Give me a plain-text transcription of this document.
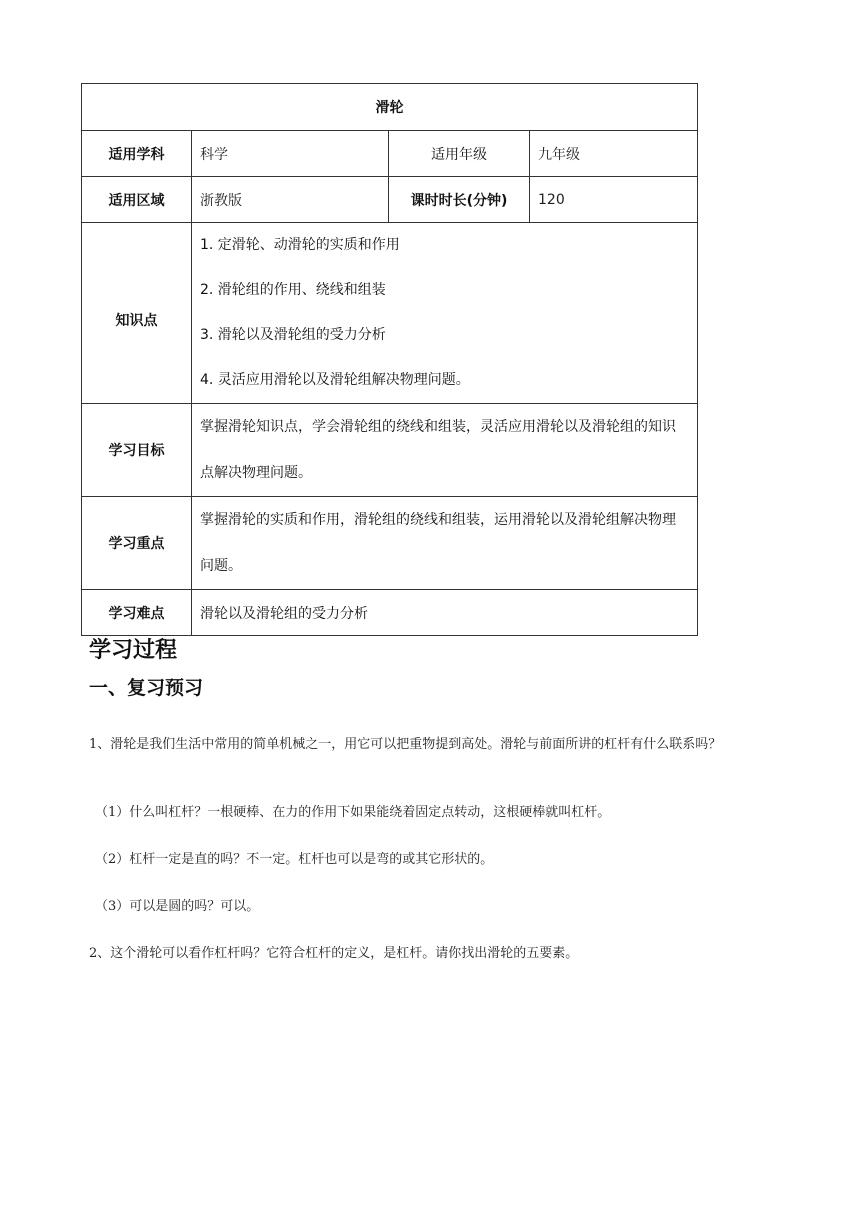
滑轮			
适用学科	科学	适用年级	九年级
适用区域	浙教版	课时时长(分钟)	120
知识点	1. 定滑轮、动滑轮的实质和作用
2. 滑轮组的作用、绕线和组装
3. 滑轮以及滑轮组的受力分析
4. 灵活应用滑轮以及滑轮组解决物理问题。		

学习目标	掌握滑轮知识点，学会滑轮组的绕线和组装，灵活应用滑轮以及滑轮组的知识点解决物理问题。		
学习重点	掌握滑轮的实质和作用，滑轮组的绕线和组装，运用滑轮以及滑轮组解决物理问题。		
学习难点	滑轮以及滑轮组的受力分析		
学习过程
一、复习预习
1、滑轮是我们生活中常用的简单机械之一，用它可以把重物提到高处。滑轮与前面所讲的杠杆有什么联系吗？
（1）什么叫杠杆？一根硬棒、在力的作用下如果能绕着固定点转动，这根硬棒就叫杠杆。
（2）杠杆一定是直的吗？不一定。杠杆也可以是弯的或其它形状的。
（3）可以是圆的吗？可以。
2、这个滑轮可以看作杠杆吗？它符合杠杆的定义，是杠杆。请你找出滑轮的五要素。
